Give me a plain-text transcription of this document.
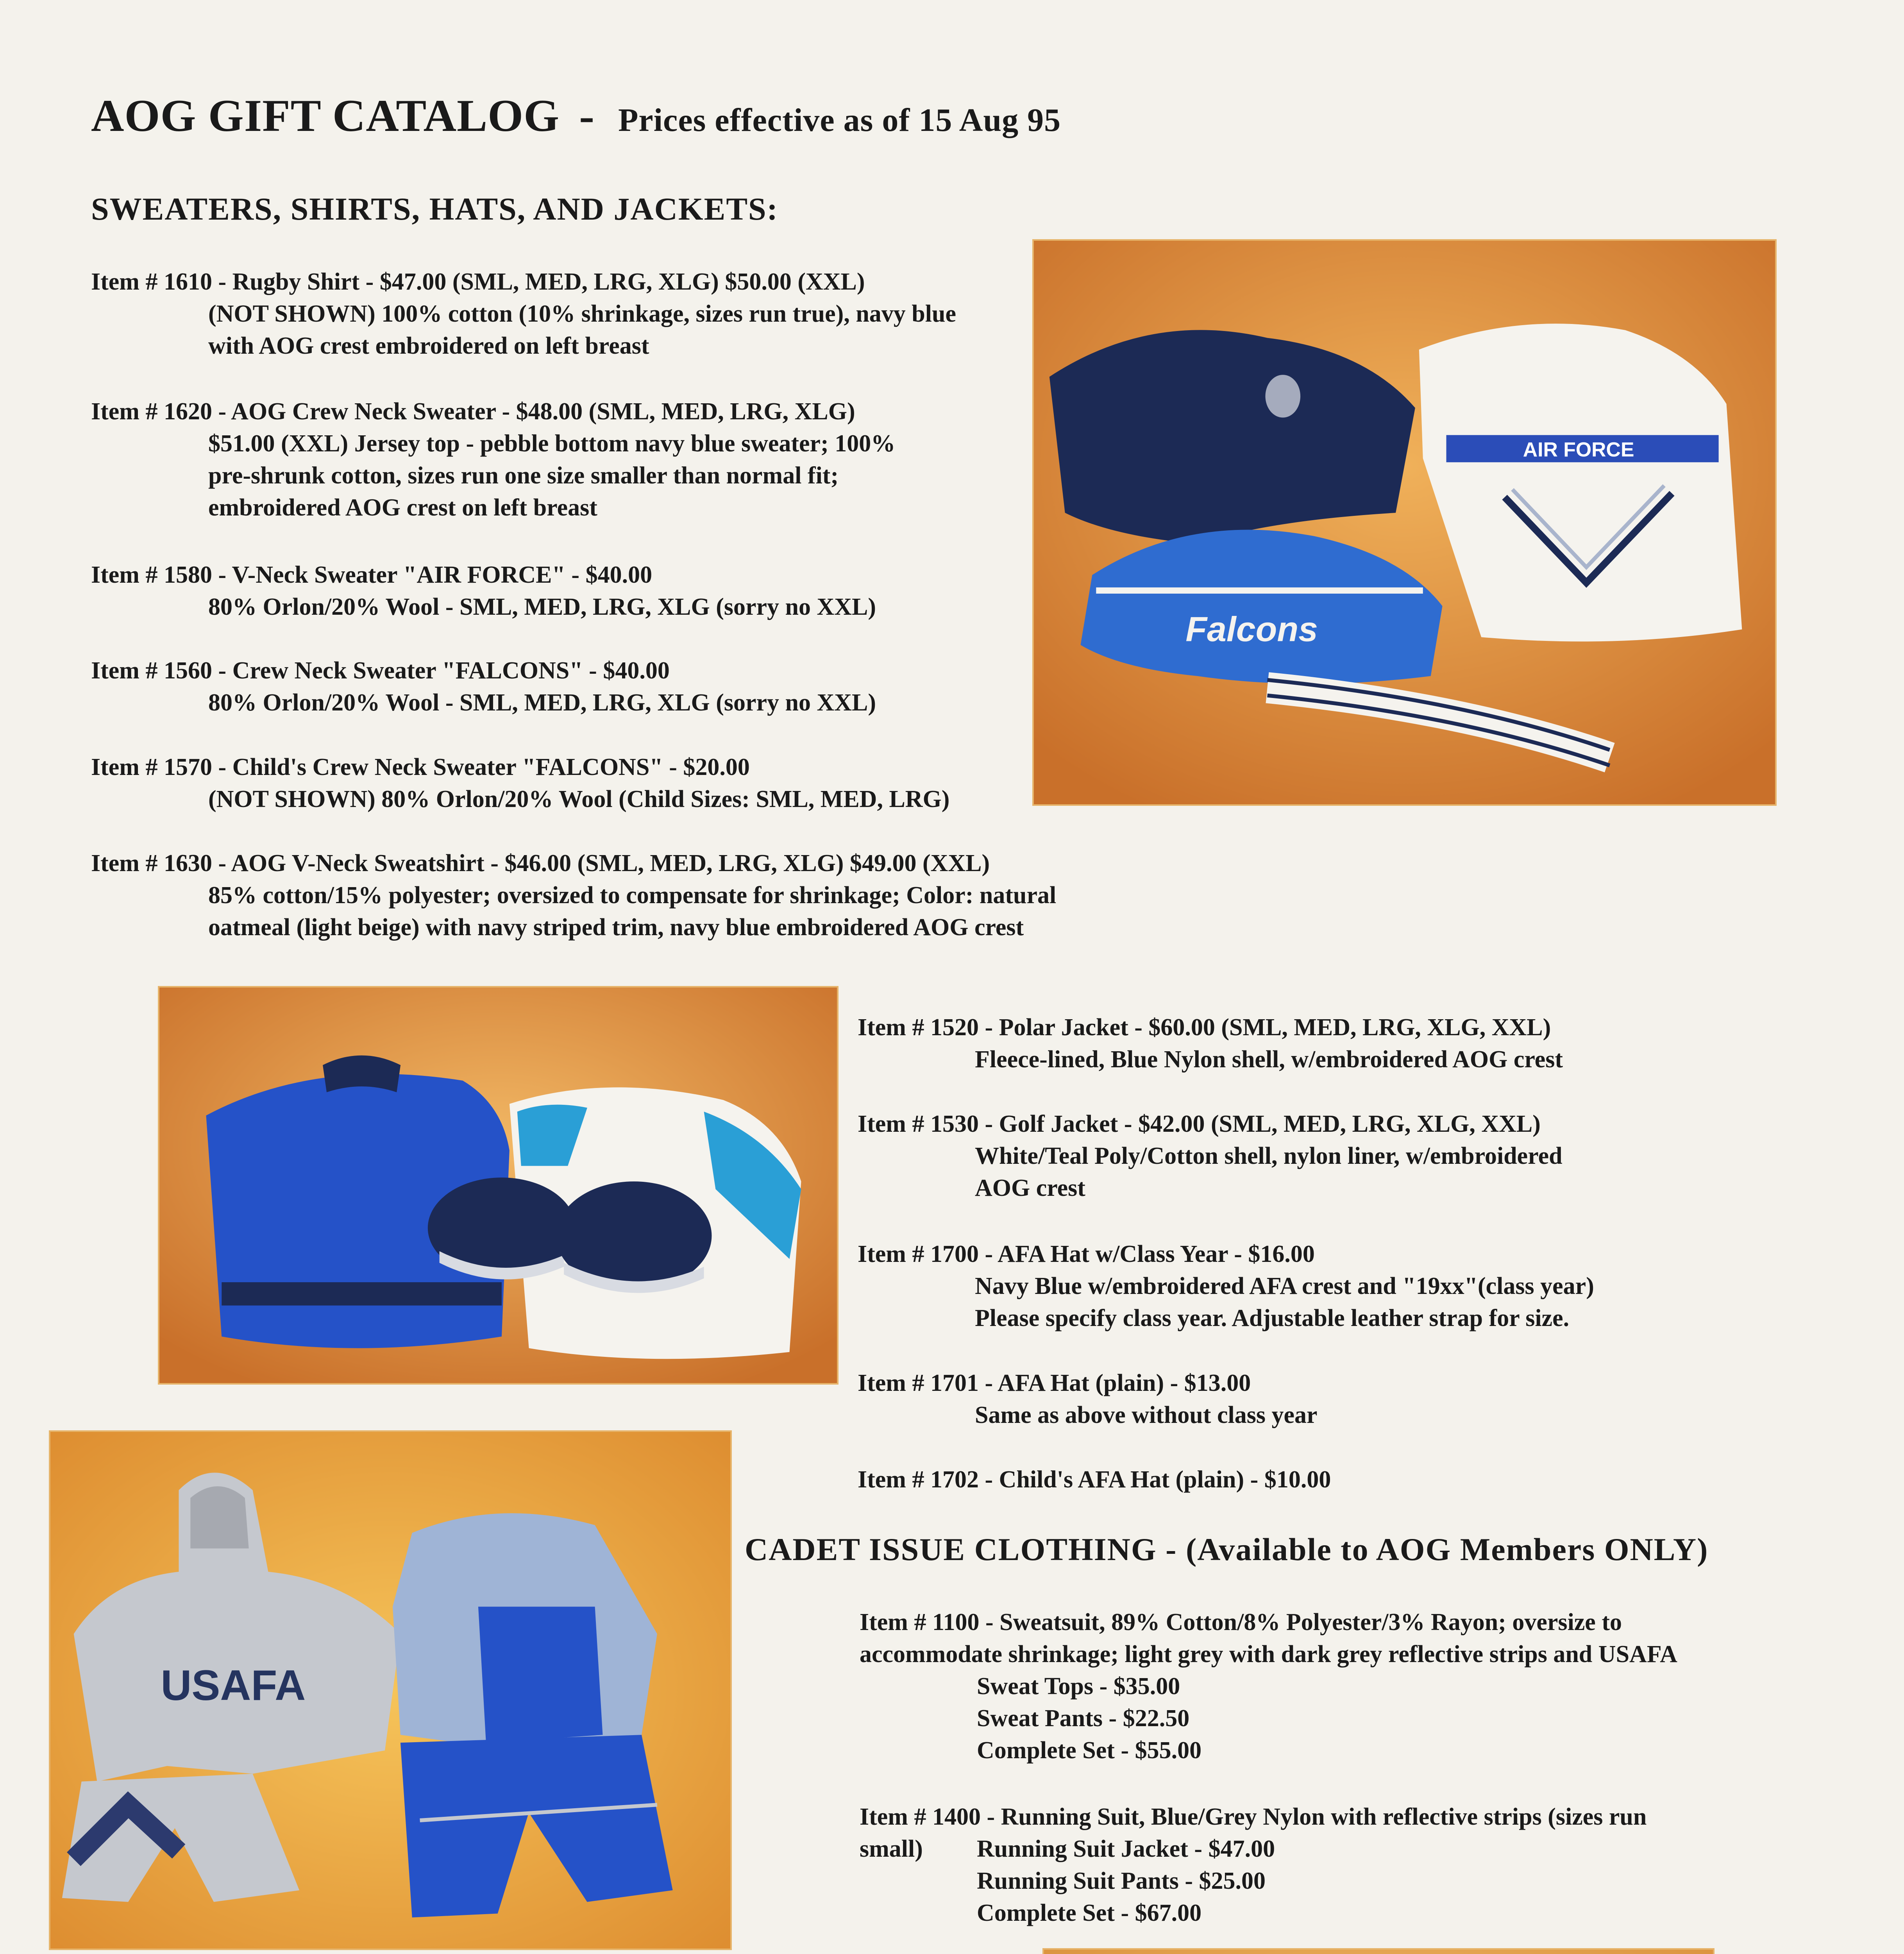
AOG GIFT CATALOG - Prices effective as of 15 Aug 95
SWEATERS, SHIRTS, HATS, AND JACKETS:
Item # 1610 - Rugby Shirt - $47.00 (SML, MED, LRG, XLG) $50.00 (XXL)
(NOT SHOWN) 100% cotton (10% shrinkage, sizes run true), navy blue
with AOG crest embroidered on left breast
Item # 1620 - AOG Crew Neck Sweater - $48.00 (SML, MED, LRG, XLG)
$51.00 (XXL) Jersey top - pebble bottom navy blue sweater; 100%
pre-shrunk cotton, sizes run one size smaller than normal fit;
embroidered AOG crest on left breast
Item # 1580 - V-Neck Sweater "AIR FORCE" - $40.00
80% Orlon/20% Wool - SML, MED, LRG, XLG (sorry no XXL)
Item # 1560 - Crew Neck Sweater "FALCONS" - $40.00
80% Orlon/20% Wool - SML, MED, LRG, XLG (sorry no XXL)
Item # 1570 - Child's Crew Neck Sweater "FALCONS" - $20.00
(NOT SHOWN) 80% Orlon/20% Wool (Child Sizes: SML, MED, LRG)
Item # 1630 - AOG V-Neck Sweatshirt - $46.00 (SML, MED, LRG, XLG) $49.00 (XXL)
85% cotton/15% polyester; oversized to compensate for shrinkage; Color: natural
oatmeal (light beige) with navy striped trim, navy blue embroidered AOG crest
AIR FORCE
Falcons
Item # 1520 - Polar Jacket - $60.00 (SML, MED, LRG, XLG, XXL)
Fleece-lined, Blue Nylon shell, w/embroidered AOG crest
Item # 1530 - Golf Jacket - $42.00 (SML, MED, LRG, XLG, XXL)
White/Teal Poly/Cotton shell, nylon liner, w/embroidered
AOG crest
Item # 1700 - AFA Hat w/Class Year - $16.00
Navy Blue w/embroidered AFA crest and "19xx"(class year)
Please specify class year. Adjustable leather strap for size.
Item # 1701 - AFA Hat (plain) - $13.00
Same as above without class year
Item # 1702 - Child's AFA Hat (plain) - $10.00
USAFA
CADET ISSUE CLOTHING - (Available to AOG Members ONLY)
Item # 1100 - Sweatsuit, 89% Cotton/8% Polyester/3% Rayon; oversize to
accommodate shrinkage; light grey with dark grey reflective strips and USAFA
Sweat Tops - $35.00
Sweat Pants - $22.50
Complete Set - $55.00
Item # 1400 - Running Suit, Blue/Grey Nylon with reflective strips (sizes run
small) Running Suit Jacket - $47.00
Running Suit Pants - $25.00
Complete Set - $67.00
